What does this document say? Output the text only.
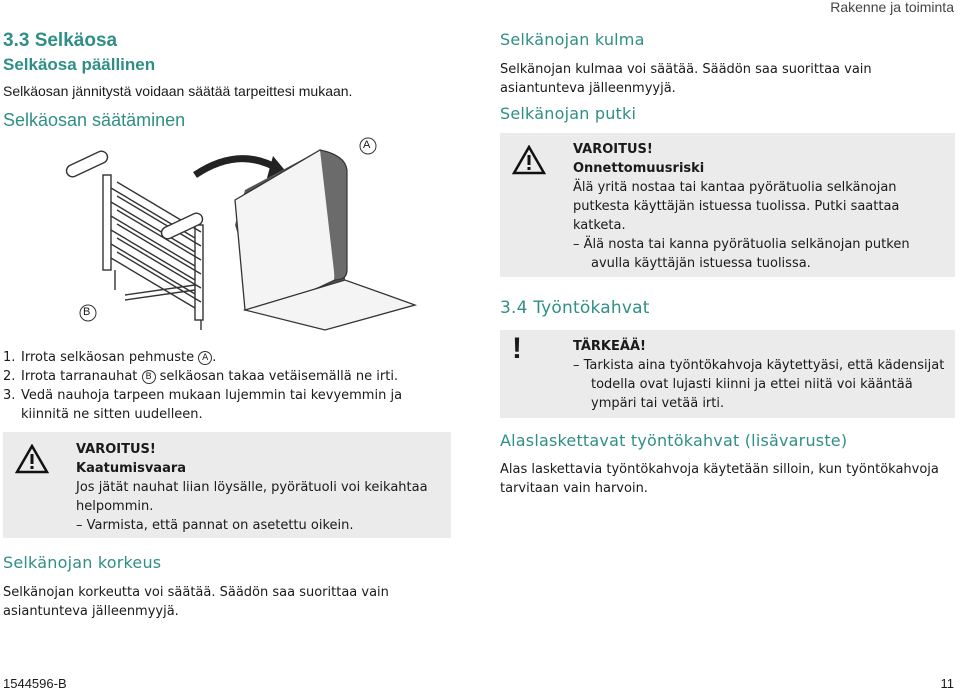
Rakenne ja toiminta
3.3 Selkäosa
Selkäosa päällinen
Selkäosan jännitystä voidaan säätää tarpeittesi mukaan.
Selkäosan säätäminen
A
B
1. Irrota selkäosan pehmuste A .
2. Irrota tarranauhat B selkäosan takaa vetäisemällä ne irti.
3. Vedä nauhoja tarpeen mukaan lujemmin tai kevyemmin ja kiinnitä ne sitten uudelleen.
VAROITUS!
Kaatumisvaara
Jos jätät nauhat liian löysälle, pyörätuoli voi keikahtaa helpommin.
– Varmista, että pannat on asetettu oikein.
Selkänojan korkeus
Selkänojan korkeutta voi säätää. Säädön saa suorittaa vain asiantunteva jälleenmyyjä.
Selkänojan kulma
Selkänojan kulmaa voi säätää. Säädön saa suorittaa vain asiantunteva jälleenmyyjä.
Selkänojan putki
VAROITUS!
Onnettomuusriski
Älä yritä nostaa tai kantaa pyörätuolia selkänojan putkesta käyttäjän istuessa tuolissa. Putki saattaa katketa.
– Älä nosta tai kanna pyörätuolia selkänojan putken avulla käyttäjän istuessa tuolissa.
3.4 Työntökahvat
!	TÄRKEÄÄ!
– Tarkista aina työntökahvoja käytettyäsi, että kädensijat todella ovat lujasti kiinni ja ettei niitä voi kääntää ympäri tai vetää irti.
Alaslaskettavat työntökahvat (lisävaruste)
Alas laskettavia työntökahvoja käytetään silloin, kun työntökahvoja tarvitaan vain harvoin.
1544596-B	11
